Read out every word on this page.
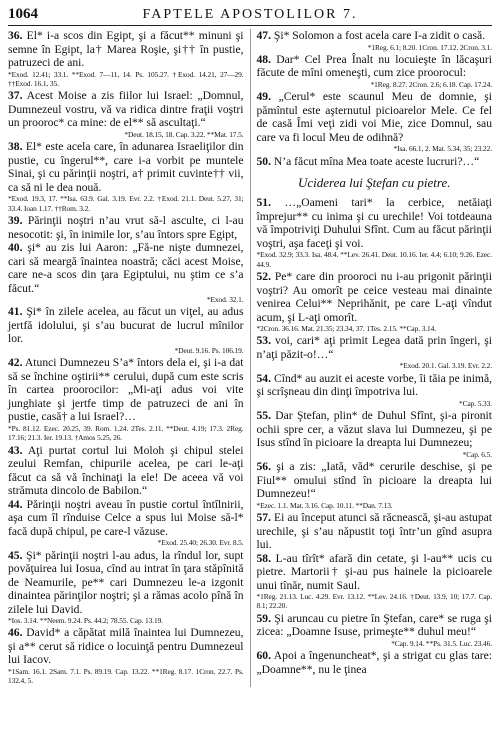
1064	FAPTELE APOSTOLILOR 7.

36. El* i-a scos din Egipt, şi a făcut** minuni şi semne în Egipt, la† Marea Roşie, şi†† în pustie, patruzeci de ani.

*Exod. 12.41; 33.1. **Exod. 7—11, 14. Ps. 105.27. †Exod. 14.21, 27—29. ††Exod. 16.1, 35.

37. Acest Moise a zis fiilor lui Israel: „Domnul, Dumnezeul vostru, vă va ridica dintre fraţii voştri un prooroc* ca mine: de el** să ascultaţi.“

*Deut. 18.15, 18. Cap. 3.22. **Mat. 17.5.

38. El* este acela care, în adunarea Israeliţilor din pustie, cu îngerul**, care i-a vorbit pe muntele Sinai, şi cu părinţii noştri, a† primit cuvinte†† vii, ca să ni le dea nouă.

*Exod. 19.3, 17. **Isa. 63.9. Gal. 3.19. Evr. 2.2. †Exod. 21.1. Deut. 5.27, 31; 33.4. Ioan 1.17. ††Rom. 3.2.

39. Părinţii noştri n’au vrut să-l asculte, ci l-au nesocotit: şi, în inimile lor, s’au întors spre Egipt,

40. şi* au zis lui Aaron: „Fă-ne nişte dumnezei, cari să meargă înaintea noastră; căci acest Moise, care ne-a scos din ţara Egiptului, nu ştim ce s’a făcut.“

*Exod. 32.1.

41. Şi* în zilele acelea, au făcut un viţel, au adus jertfă idolului, şi s’au bucurat de lucrul mînilor lor.

*Deut. 9.16. Ps. 106.19.

42. Atunci Dumnezeu S’a* întors dela ei, şi i-a dat să se închine oştirii** cerului, după cum este scris în cartea proorocilor: „Mi-aţi adus voi vite junghiate şi jertfe timp de patruzeci de ani în pustie, casă† a lui Israel?…

*Ps. 81.12. Ezec. 20.25, 39. Rom. 1.24. 2Tes. 2.11. **Deut. 4.19; 17.3. 2Reg. 17.16; 21.3. Ier. 19.13. †Amos 5.25, 26.

43. Aţi purtat cortul lui Moloh şi chipul stelei zeului Remfan, chipurile acelea, pe cari le-aţi făcut ca să vă închinaţi la ele! De aceea vă voi strămuta dincolo de Babilon.“

44. Părinţii noştri aveau în pustie cortul întîlnirii, aşa cum îl rînduise Celce a spus lui Moise să-l* facă după chipul, pe care-l văzuse.

*Exod. 25.40; 26.30. Evr. 8.5.

45. Şi* părinţii noştri l-au adus, la rîndul lor, supt povăţuirea lui Iosua, cînd au intrat în ţara stăpînită de Neamurile, pe** cari Dumnezeu le-a izgonit dinaintea părinţilor noştri; şi a rămas acolo pînă în zilele lui David.

*Ios. 3.14. **Neem. 9.24. Ps. 44.2; 78.55. Cap. 13.19.

46. David* a căpătat milă înaintea lui Dumnezeu, şi a** cerut să ridice o locuinţă pentru Dumnezeul lui Iacov.

*1Sam. 16.1. 2Sam. 7.1. Ps. 89.19. Cap. 13.22. **1Reg. 8.17. 1Cron. 22.7. Ps. 132.4, 5.

47. Şi* Solomon a fost acela care I-a zidit o casă.

*1Reg. 6.1; 8.20. 1Cron. 17.12. 2Cron. 3.1.

48. Dar* Cel Prea Înalt nu locuieşte în lăcaşuri făcute de mîni omeneşti, cum zice proorocul:

*1Reg. 8.27. 2Cron. 2.6; 6.18. Cap. 17.24.

49. „Cerul* este scaunul Meu de domnie, şi pămîntul este aşternutul picioarelor Mele. Ce fel de casă Îmi veţi zidi voi Mie, zice Domnul, sau care va fi locul Meu de odihnă?

*Isa. 66.1, 2. Mat. 5.34, 35; 23.22.

50. N’a făcut mîna Mea toate aceste lucruri?…“

Uciderea lui Ştefan cu pietre.

51. …„Oameni tari* la cerbice, netăiaţi împrejur** cu inima şi cu urechile! Voi totdeauna vă împotriviţi Duhului Sfînt. Cum au făcut părinţii voştri, aşa faceţi şi voi.

*Exod. 32.9; 33.3. Isa. 48.4. **Lev. 26.41. Deut. 10.16. Ier. 4.4; 6.10; 9.26. Ezec. 44.9.

52. Pe* care din prooroci nu i-au prigonit părinţii voştri? Au omorît pe ceice vesteau mai dinainte venirea Celui** Neprihănit, pe care L-aţi vîndut acum, şi L-aţi omorît.

*2Cron. 36.16. Mat. 21.35; 23.34, 37. 1Tes. 2.15. **Cap. 3.14.

53. voi, cari* aţi primit Legea dată prin îngeri, şi n’aţi păzit-o!…“

*Exod. 20.1. Gal. 3.19. Evr. 2.2.

54. Cînd* au auzit ei aceste vorbe, îi tăia pe inimă, şi scrîşneau din dinţi împotriva lui.

*Cap. 5.33.

55. Dar Ştefan, plin* de Duhul Sfînt, şi-a pironit ochii spre cer, a văzut slava lui Dumnezeu, şi pe Isus stînd în picioare la dreapta lui Dumnezeu;

*Cap. 6.5.

56. şi a zis: „Iată, văd* cerurile deschise, şi pe Fiul** omului stînd în picioare la dreapta lui Dumnezeu!“

*Ezec. 1.1. Mat. 3.16. Cap. 10.11. **Dan. 7.13.

57. Ei au început atunci să răcnească, şi-au astupat urechile, şi s’au năpustit toţi într’un gînd asupra lui.

58. L-au tîrît* afară din cetate, şi l-au** ucis cu pietre. Martorii† şi-au pus hainele la picioarele unui tînăr, numit Saul.

*1Reg. 21.13. Luc. 4.29. Evr. 13.12. **Lev. 24.16. †Deut. 13.9, 10; 17.7. Cap. 8.1; 22.20.

59. Şi aruncau cu pietre în Ştefan, care* se ruga şi zicea: „Doamne Isuse, primeşte** duhul meu!“

*Cap. 9.14. **Ps. 31.5. Luc. 23.46.

60. Apoi a îngenuncheat*, şi a strigat cu glas tare: „Doamne**, nu le ţinea
